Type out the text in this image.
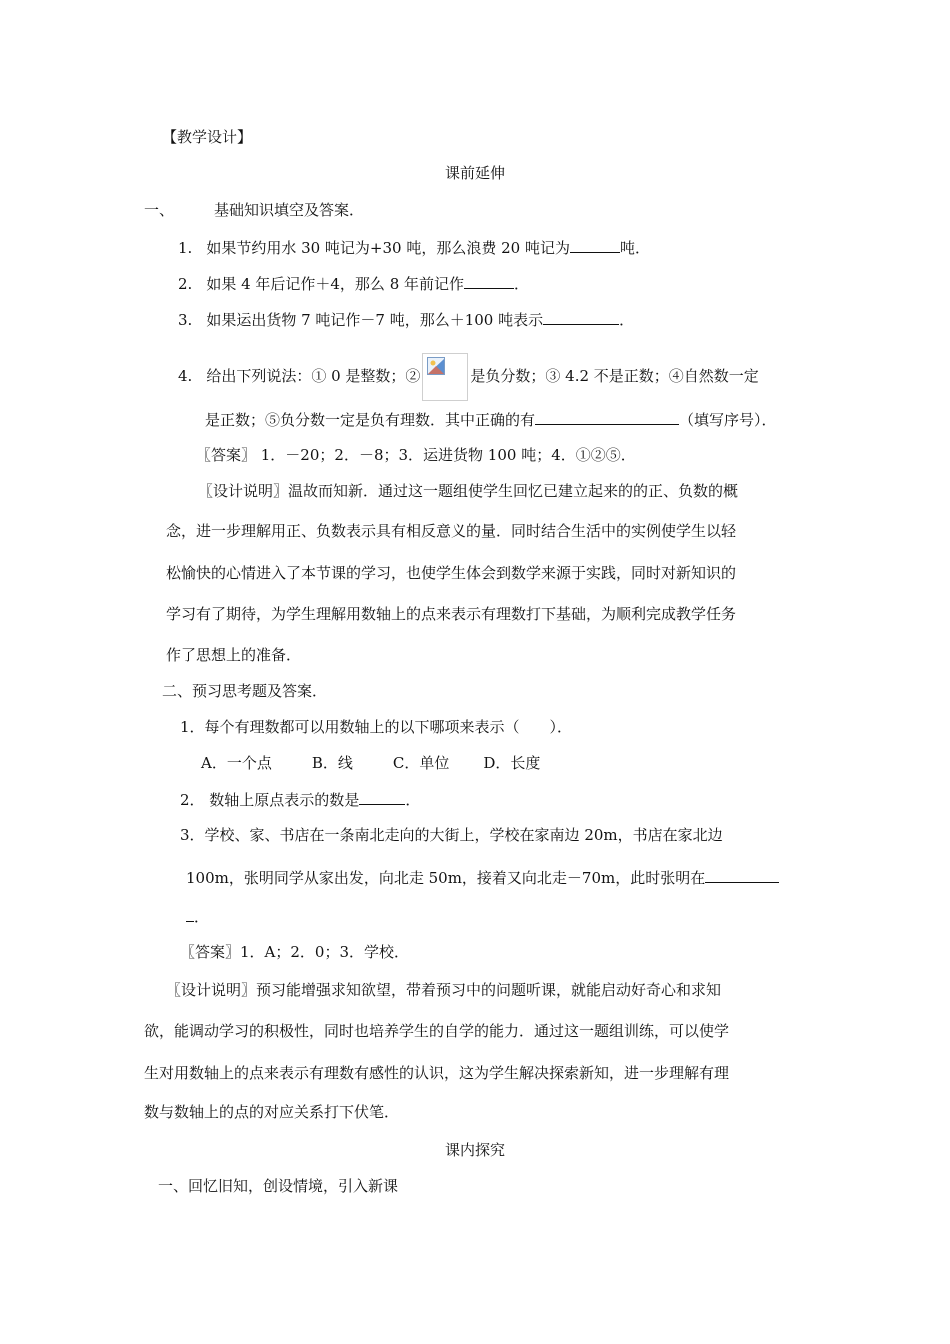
【教学设计】
课前延伸
一、	基础知识填空及答案．
1. 如果节约用水 30 吨记为+30 吨，那么浪费 20 吨记为	吨．
2. 如果 4 年后记作＋4，那么 8 年前记作	．
3. 如果运出货物 7 吨记作－7 吨，那么＋100 吨表示	．
4. 给出下列说法：① 0 是整数；②	是负分数；③ 4.2 不是正数；④自然数一定
是正数；⑤负分数一定是负有理数．其中正确的有	（填写序号）．
〖答案〗 1．－20；2．－8；3．运进货物 100 吨；4．①②⑤．
〖设计说明〗温故而知新．通过这一题组使学生回忆已建立起来的的正、负数的概
念，进一步理解用正、负数表示具有相反意义的量．同时结合生活中的实例使学生以轻
松愉快的心情进入了本节课的学习，也使学生体会到数学来源于实践，同时对新知识的
学习有了期待，为学生理解用数轴上的点来表示有理数打下基础，为顺利完成教学任务
作了思想上的准备．
二、预习思考题及答案．
1．每个有理数都可以用数轴上的以下哪项来表示（　　）．
A．一个点	B．线	C．单位 D．长度
2． 数轴上原点表示的数是	．
3．学校、家、书店在一条南北走向的大街上，学校在家南边 20m，书店在家北边
100m，张明同学从家出发，向北走 50m，接着又向北走－70m，此时张明在
．
〖答案〗1．A；2．0；3．学校．
〖设计说明〗预习能增强求知欲望，带着预习中的问题听课，就能启动好奇心和求知
欲，能调动学习的积极性，同时也培养学生的自学的能力．通过这一题组训练，可以使学
生对用数轴上的点来表示有理数有感性的认识，这为学生解决探索新知，进一步理解有理
数与数轴上的点的对应关系打下伏笔．
课内探究
一、回忆旧知，创设情境，引入新课
